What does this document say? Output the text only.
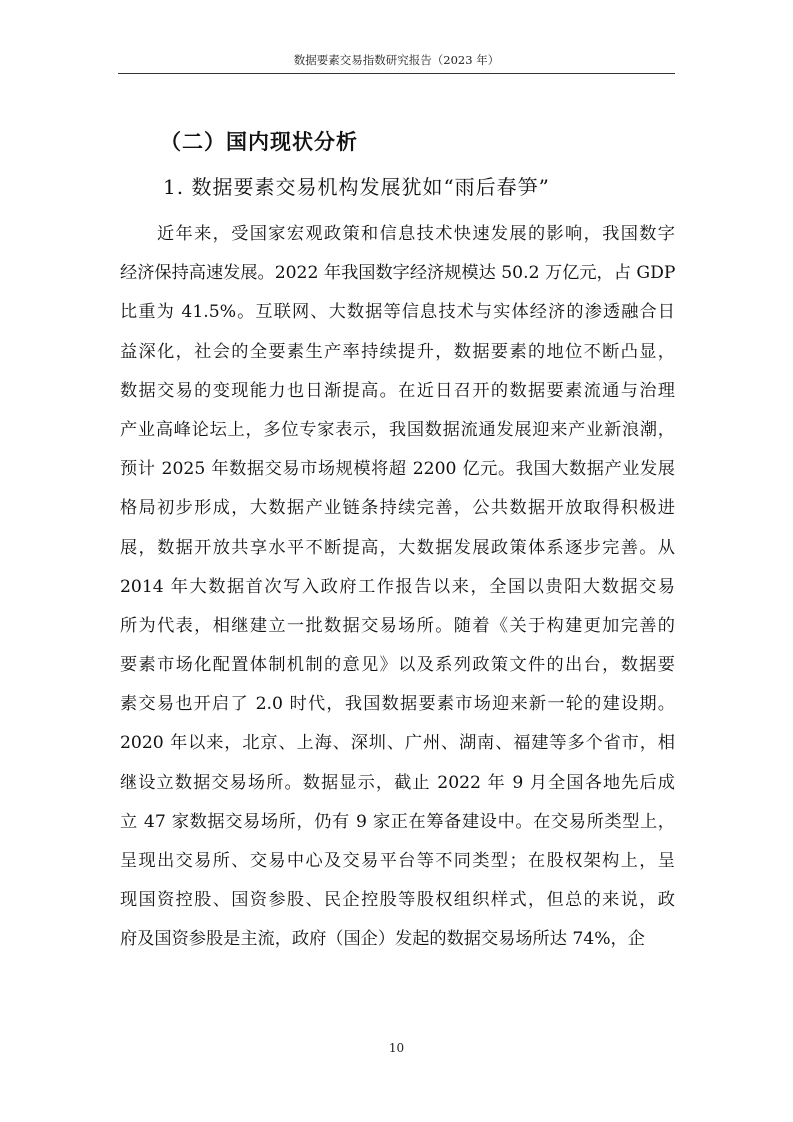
数据要素交易指数研究报告（2023 年）
（二）国内现状分析
1. 数据要素交易机构发展犹如“雨后春笋”
近年来，受国家宏观政策和信息技术快速发展的影响，我国数字
经济保持高速发展。2022 年我国数字经济规模达 50.2 万亿元，占 GDP
比重为 41.5%。互联网、大数据等信息技术与实体经济的渗透融合日
益深化，社会的全要素生产率持续提升，数据要素的地位不断凸显，
数据交易的变现能力也日渐提高。在近日召开的数据要素流通与治理
产业高峰论坛上，多位专家表示，我国数据流通发展迎来产业新浪潮，
预计 2025 年数据交易市场规模将超 2200 亿元。我国大数据产业发展
格局初步形成，大数据产业链条持续完善，公共数据开放取得积极进
展，数据开放共享水平不断提高，大数据发展政策体系逐步完善。从
2014 年大数据首次写入政府工作报告以来，全国以贵阳大数据交易
所为代表，相继建立一批数据交易场所。随着《关于构建更加完善的
要素市场化配置体制机制的意见》以及系列政策文件的出台，数据要
素交易也开启了 2.0 时代，我国数据要素市场迎来新一轮的建设期。
2020 年以来，北京、上海、深圳、广州、湖南、福建等多个省市，相
继设立数据交易场所。数据显示，截止 2022 年 9 月全国各地先后成
立 47 家数据交易场所，仍有 9 家正在筹备建设中。在交易所类型上，
呈现出交易所、交易中心及交易平台等不同类型；在股权架构上，呈
现国资控股、国资参股、民企控股等股权组织样式，但总的来说，政
府及国资参股是主流，政府（国企）发起的数据交易场所达 74%，企
10
